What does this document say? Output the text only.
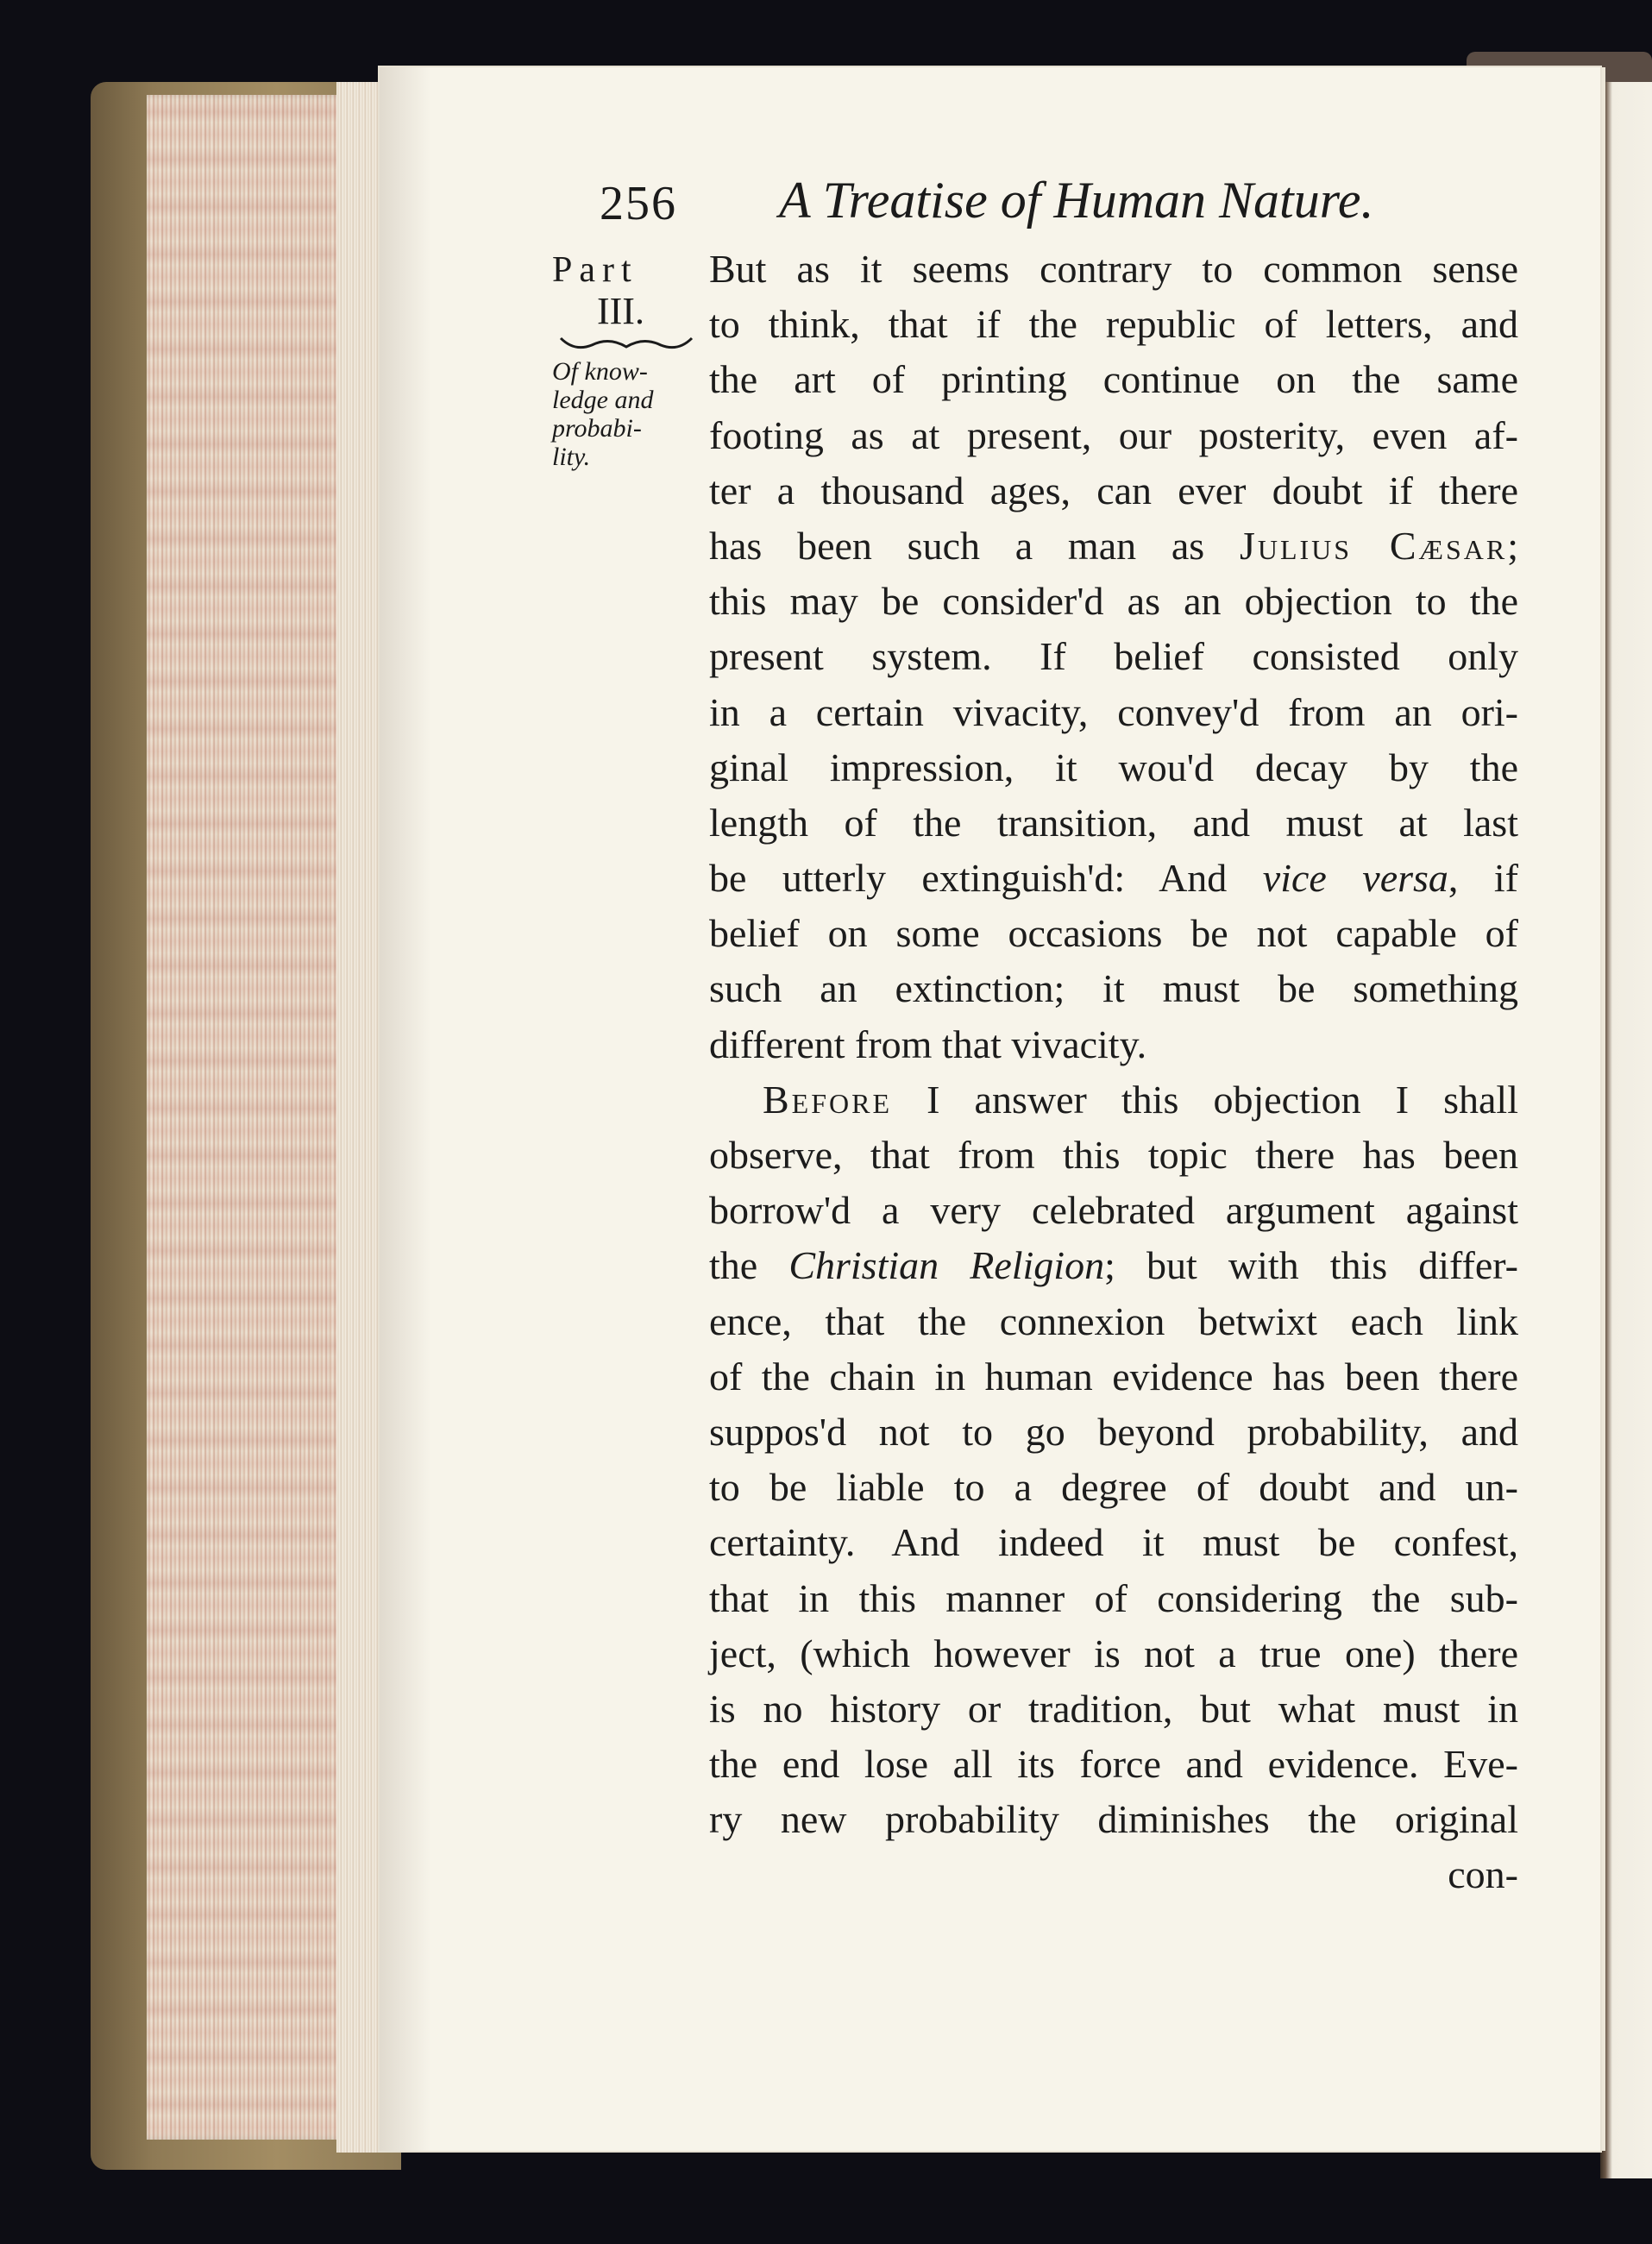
256 A Treatise of Human Nature.
Part
III.
Of know-
ledge and
probabi-
lity.
But as it seems contrary to common sense
to think, that if the republic of letters, and
the art of printing continue on the same
footing as at present, our posterity, even af-
ter a thousand ages, can ever doubt if there
has been such a man as Julius Cæsar;
this may be consider'd as an objection to the
present system. If belief consisted only
in a certain vivacity, convey'd from an ori-
ginal impression, it wou'd decay by the
length of the transition, and must at last
be utterly extinguish'd: And vice versa, if
belief on some occasions be not capable of
such an extinction; it must be something
different from that vivacity.
Before I answer this objection I shall
observe, that from this topic there has been
borrow'd a very celebrated argument against
the Christian Religion; but with this differ-
ence, that the connexion betwixt each link
of the chain in human evidence has been there
suppos'd not to go beyond probability, and
to be liable to a degree of doubt and un-
certainty. And indeed it must be confest,
that in this manner of considering the sub-
ject, (which however is not a true one) there
is no history or tradition, but what must in
the end lose all its force and evidence. Eve-
ry new probability diminishes the original
con-
